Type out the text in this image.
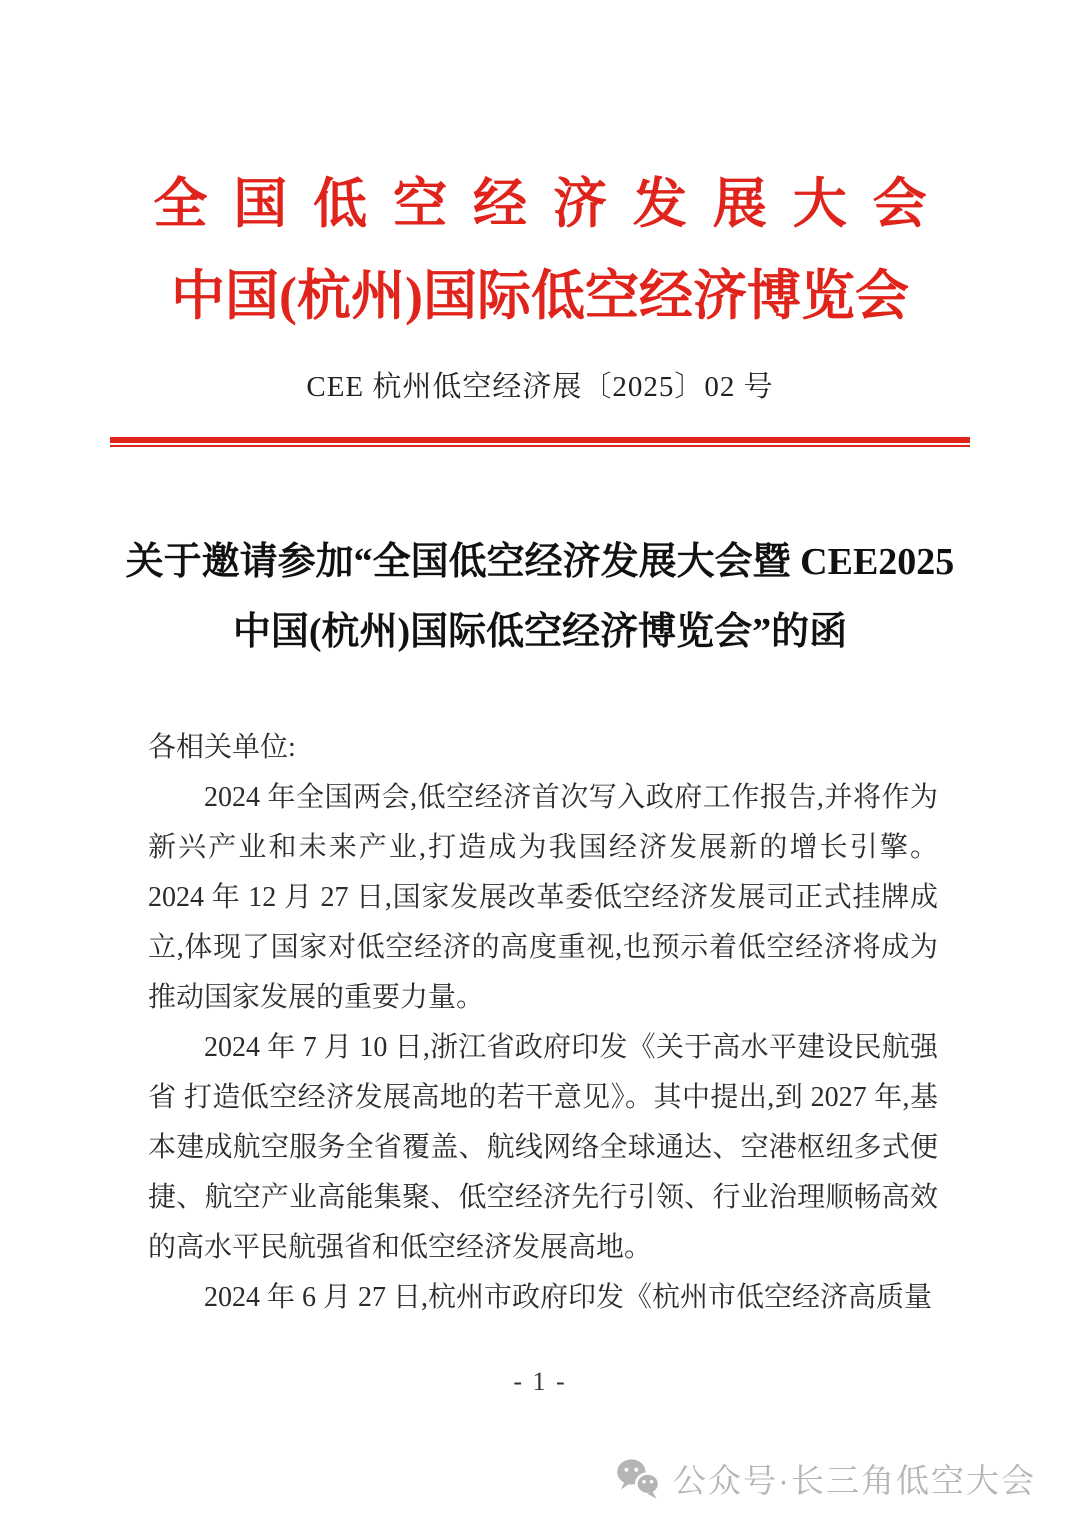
全国低空经济发展大会
中国(杭州)国际低空经济博览会
CEE 杭州低空经济展〔2025〕02 号
关于邀请参加“全国低空经济发展大会暨 CEE2025
中国(杭州)国际低空经济博览会”的函

各相关单位:

2024 年全国两会,低空经济首次写入政府工作报告,并将作为新兴产业和未来产业,打造成为我国经济发展新的增长引擎。2024 年 12 月 27 日,国家发展改革委低空经济发展司正式挂牌成立,体现了国家对低空经济的高度重视,也预示着低空经济将成为推动国家发展的重要力量。

2024 年 7 月 10 日,浙江省政府印发《关于高水平建设民航强省 打造低空经济发展高地的若干意见》。其中提出,到 2027 年,基本建成航空服务全省覆盖、航线网络全球通达、空港枢纽多式便捷、航空产业高能集聚、低空经济先行引领、行业治理顺畅高效的高水平民航强省和低空经济发展高地。

2024 年 6 月 27 日,杭州市政府印发《杭州市低空经济高质量

- 1 -
公众号·长三角低空大会
